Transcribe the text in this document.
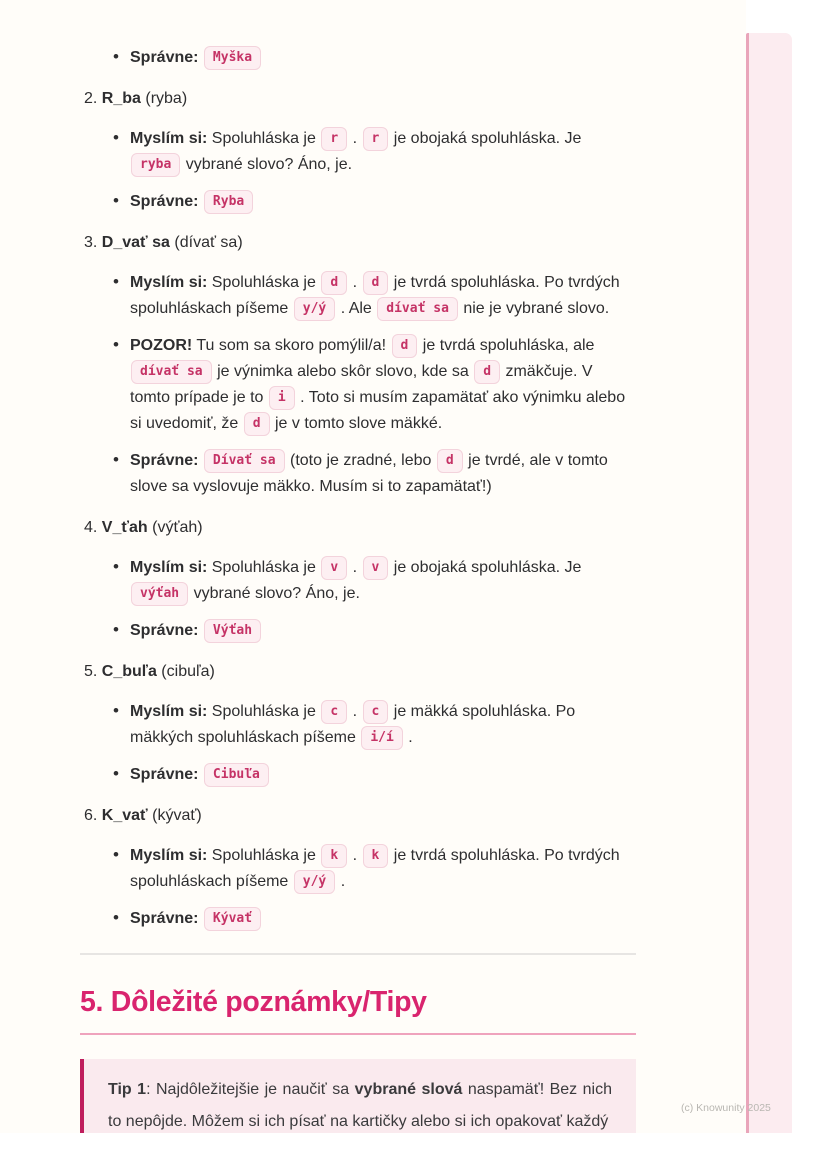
• Správne: Myška
2. R_ba (ryba)
• Myslím si: Spoluhláska je r . r je obojaká spoluhláska. Je ryba vybrané slovo? Áno, je.
• Správne: Ryba
3. D_vať sa (dívať sa)
• Myslím si: Spoluhláska je d . d je tvrdá spoluhláska. Po tvrdých spoluhláskach píšeme y/ý . Ale dívať sa nie je vybrané slovo.
• POZOR! Tu som sa skoro pomýlil/a! d je tvrdá spoluhláska, ale dívať sa je výnimka alebo skôr slovo, kde sa d zmäkčuje. V tomto prípade je to i . Toto si musím zapamätať ako výnimku alebo si uvedomiť, že d je v tomto slove mäkké.
• Správne: Dívať sa (toto je zradné, lebo d je tvrdé, ale v tomto slove sa vyslovuje mäkko. Musím si to zapamätať!)
4. V_ťah (výťah)
• Myslím si: Spoluhláska je v . v je obojaká spoluhláska. Je výťah vybrané slovo? Áno, je.
• Správne: Výťah
5. C_buľa (cibuľa)
• Myslím si: Spoluhláska je c . c je mäkká spoluhláska. Po mäkkých spoluhláskach píšeme i/í .
• Správne: Cibuľa
6. K_vať (kývať)
• Myslím si: Spoluhláska je k . k je tvrdá spoluhláska. Po tvrdých spoluhláskach píšeme y/ý .
• Správne: Kývať
5. Dôležité poznámky/Tipy
Tip 1: Najdôležitejšie je naučiť sa vybrané slová naspamäť! Bez nich to nepôjde. Môžem si ich písať na kartičky alebo si ich opakovať každý
(c) Knowunity 2025
